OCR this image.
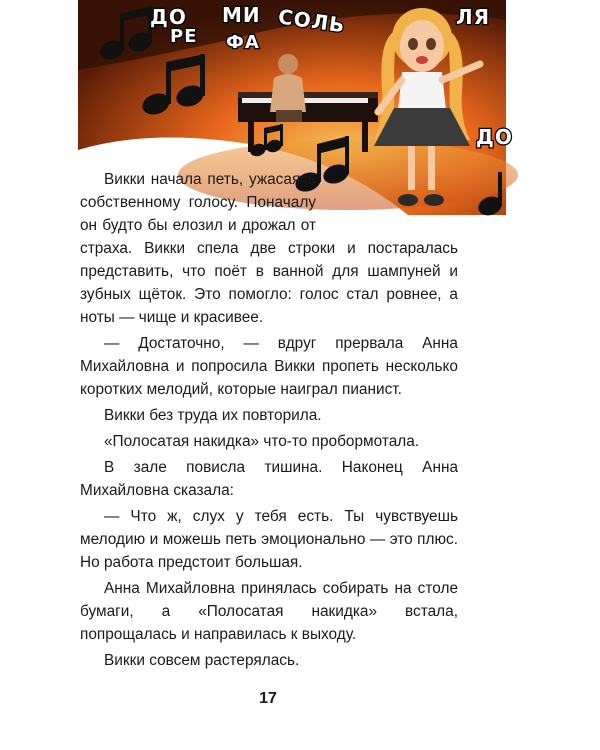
ДО МИ СОЛЬ
РЕ ФА
ЛЯ
ДО

Викки начала петь, ужасаясь собственному голосу. Поначалу он будто бы елозил и дрожал от страха. Викки спела две строки и постаралась представить, что поёт в ванной для шампуней и зубных щёток. Это помогло: голос стал ровнее, а ноты — чище и красивее.

— Достаточно, — вдруг прервала Анна Михайловна и попросила Викки пропеть несколько коротких мелодий, которые наиграл пианист.

Викки без труда их повторила.

«Полосатая накидка» что-то пробормотала.

В зале повисла тишина. Наконец Анна Михайловна сказала:

— Что ж, слух у тебя есть. Ты чувствуешь мелодию и можешь петь эмоционально — это плюс. Но работа предстоит большая.

Анна Михайловна принялась собирать на столе бумаги, а «Полосатая накидка» встала, попрощалась и направилась к выходу.

Викки совсем растерялась.

17
